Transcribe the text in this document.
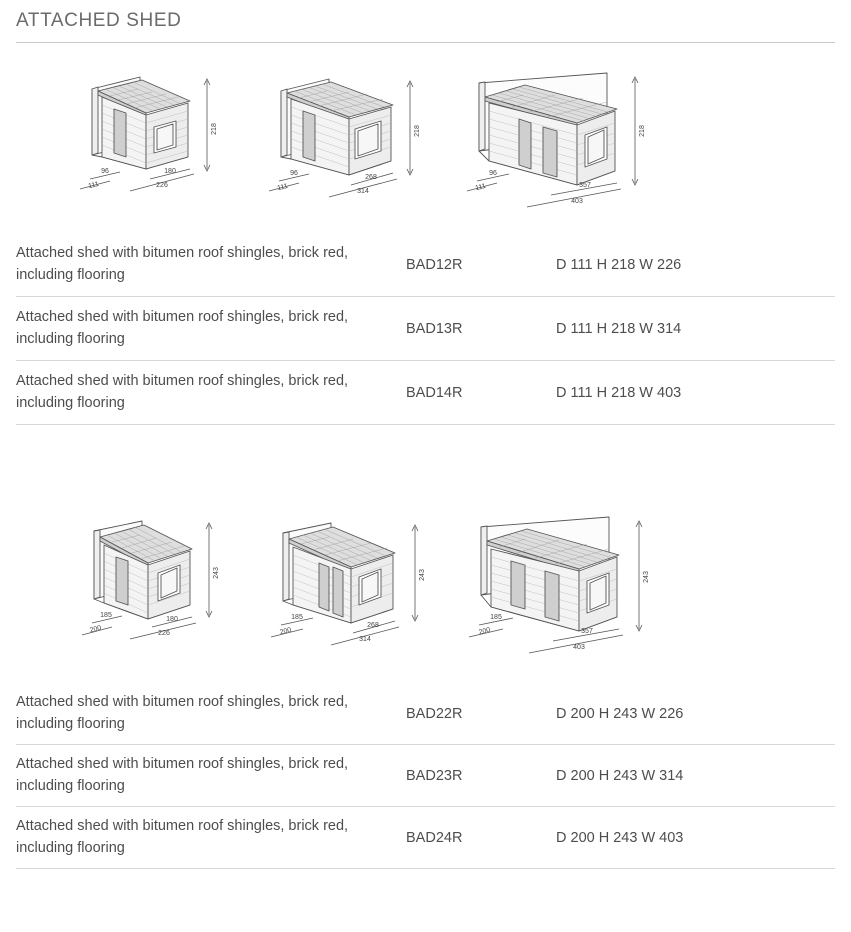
ATTACHED SHED
218
180
226
96
111
218
268
314
96
111
218
357
403
96
111
Attached shed with bitumen roof shingles, brick red, including flooring
BAD12R	D 111 H 218 W 226
Attached shed with bitumen roof shingles, brick red, including flooring
BAD13R	D 111 H 218 W 314
Attached shed with bitumen roof shingles, brick red, including flooring
BAD14R	D 111 H 218 W 403
243
180
226
185
200
243
268
314
185
200
243
357
403
185
200
Attached shed with bitumen roof shingles, brick red, including flooring
BAD22R	D 200 H 243 W 226
Attached shed with bitumen roof shingles, brick red, including flooring
BAD23R	D 200 H 243 W 314
Attached shed with bitumen roof shingles, brick red, including flooring
BAD24R	D 200 H 243 W 403
